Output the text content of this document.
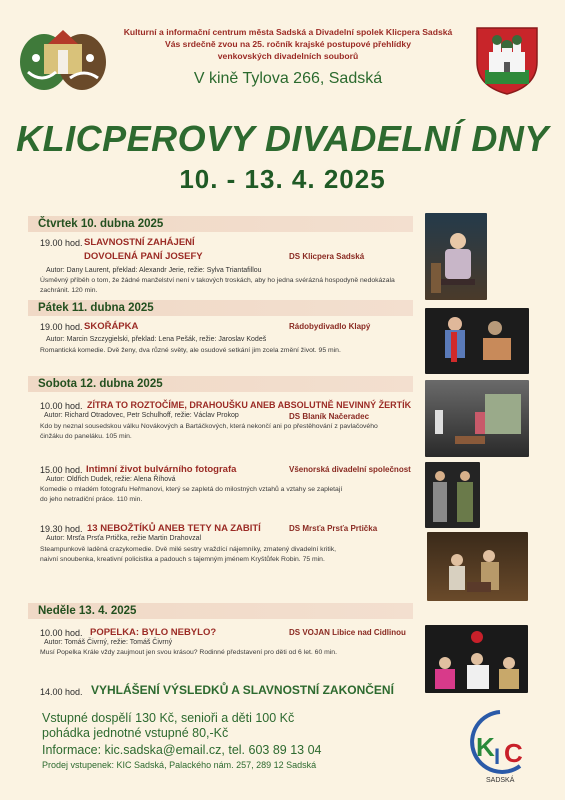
Kulturní a informační centrum města Sadská a Divadelní spolek Klicpera Sadská
Vás srdečně zvou na 25. ročník krajské postupové přehlídky
venkovských divadelních souborů
V kině Tylova 266, Sadská
KLICPEROVY DIVADELNÍ DNY
10. - 13. 4. 2025
Čtvrtek 10. dubna 2025
19.00 hod. SLAVNOSTNÍ ZAHÁJENÍ
DOVOLENÁ PANÍ JOSEFY	DS Klicpera Sadská
Autor: Dany Laurent, překlad: Alexandr Jerie, režie: Sylva Triantafillou
Úsměvný příběh o tom, že žádné manželství není v takových troskách, aby ho jedna svérázná hospodyně nedokázala
zachránit. 120 min.
Pátek 11. dubna 2025
19.00 hod. SKOŘÁPKA	Rádobydivadlo Klapý
Autor: Marcin Szczygielski, překlad: Lena Pešák, režie: Jaroslav Kodeš
Romantická komedie. Dvě ženy, dva různé světy, ale osudové setkání jim zcela změní život. 95 min.
Sobota 12. dubna 2025
10.00 hod. ZÍTRA TO ROZTOČÍME, DRAHOUŠKU ANEB ABSOLUTNĚ NEVINNÝ ŽERTÍK
Autor: Richard Otradovec, Petr Schulhoff, režie: Václav Prokop	DS Blaník Načeradec
Kdo by neznal sousedskou válku Novákových a Bartáčkových, která nekončí ani po přestěhování z pavlačového
činžáku do paneláku. 105 min.
15.00 hod. Intimní život bulvárního fotografa	Všenorská divadelní společnost
Autor: Oldřich Dudek, režie: Alena Říhová
Komedie o mladém fotografu Heřmanovi, který se zapletá do milostných vztahů a vztahy se zapletají
do jeho netradiční práce. 110 min.
19.30 hod. 13 NEBOŽTÍKŮ ANEB TETY NA ZABITÍ	DS Mrsťa Prsťa Prtička
Autor: Mrsťa Prsťa Prtička, režie Martin Drahovzal
Steampunkově laděná crazykomedie. Dvě milé sestry vraždící nájemníky, zmatený divadelní kritik,
naivní snoubenka, kreativní policistka a padouch s tajemným jménem Kryštůfek Robin. 75 min.
Neděle 13. 4. 2025
10.00 hod. POPELKA: BYLO NEBYLO?	DS VOJAN Libice nad Cidlinou
Autor: Tomáš Čivrný, režie: Tomáš Čivrný
Musí Popelka Krále vždy zaujmout jen svou krásou? Rodinné představení pro děti od 6 let. 60 min.
14.00 hod. VYHLÁŠENÍ VÝSLEDKŮ A SLAVNOSTNÍ ZAKONČENÍ
Vstupné dospělí 130 Kč, senioři a děti 100 Kč
pohádka jednotné vstupné 80,-Kč
Informace: kic.sadska@email.cz, tel. 603 89 13 04
Prodej vstupenek: KIC Sadská, Palackého nám. 257, 289 12 Sadská
K I C
SADSKÁ
